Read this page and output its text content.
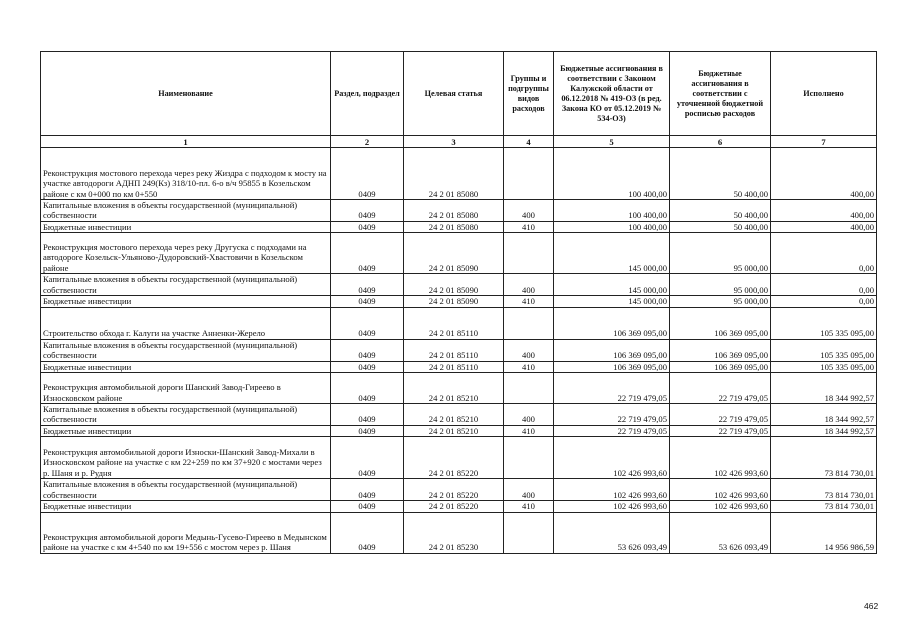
Наименование	Раздел, подраздел	Целевая статья	Группы и подгруппы видов расходов	Бюджетные ассигнования в соответствии с Законом Калужской области от 06.12.2018 № 419-ОЗ (в ред. Закона КО от 05.12.2019 № 534-ОЗ)	Бюджетные ассигнования в соответствии с уточненной бюджетной росписью расходов	Исполнено
1	2	3	4	5	6	7
Реконструкция мостового перехода через реку Жиздра с подходом к мосту на участке автодороги АДНП 249(Кз) 318/10-пл. 6-о в/ч 95855 в Козельском районе с км 0+000 по км 0+550	0409	24 2 01 85080		100 400,00	50 400,00	400,00
Капитальные вложения в объекты государственной (муниципальной) собственности	0409	24 2 01 85080	400	100 400,00	50 400,00	400,00
Бюджетные инвестиции	0409	24 2 01 85080	410	100 400,00	50 400,00	400,00
Реконструкция мостового перехода через реку Другуска с подходами на автодороге Козельск-Ульяново-Дудоровский-Хвастовичи в Козельском районе	0409	24 2 01 85090		145 000,00	95 000,00	0,00
Капитальные вложения в объекты государственной (муниципальной) собственности	0409	24 2 01 85090	400	145 000,00	95 000,00	0,00
Бюджетные инвестиции	0409	24 2 01 85090	410	145 000,00	95 000,00	0,00
Строительство обхода г. Калуги на участке Анненки-Жерело	0409	24 2 01 85110		106 369 095,00	106 369 095,00	105 335 095,00
Капитальные вложения в объекты государственной (муниципальной) собственности	0409	24 2 01 85110	400	106 369 095,00	106 369 095,00	105 335 095,00
Бюджетные инвестиции	0409	24 2 01 85110	410	106 369 095,00	106 369 095,00	105 335 095,00
Реконструкция автомобильной дороги Шанский Завод-Гиреево в Износковском районе	0409	24 2 01 85210		22 719 479,05	22 719 479,05	18 344 992,57
Капитальные вложения в объекты государственной (муниципальной) собственности	0409	24 2 01 85210	400	22 719 479,05	22 719 479,05	18 344 992,57
Бюджетные инвестиции	0409	24 2 01 85210	410	22 719 479,05	22 719 479,05	18 344 992,57
Реконструкция автомобильной дороги Износки-Шанский Завод-Михали в Износковском районе на участке с км 22+259 по км 37+920 с мостами через р. Шаня и р. Рудня	0409	24 2 01 85220		102 426 993,60	102 426 993,60	73 814 730,01
Капитальные вложения в объекты государственной (муниципальной) собственности	0409	24 2 01 85220	400	102 426 993,60	102 426 993,60	73 814 730,01
Бюджетные инвестиции	0409	24 2 01 85220	410	102 426 993,60	102 426 993,60	73 814 730,01
Реконструкция автомобильной дороги Медынь-Гусево-Гиреево в Медынском районе на участке с км 4+540 по км 19+556 с мостом через р. Шаня	0409	24 2 01 85230		53 626 093,49	53 626 093,49	14 956 986,59
462
